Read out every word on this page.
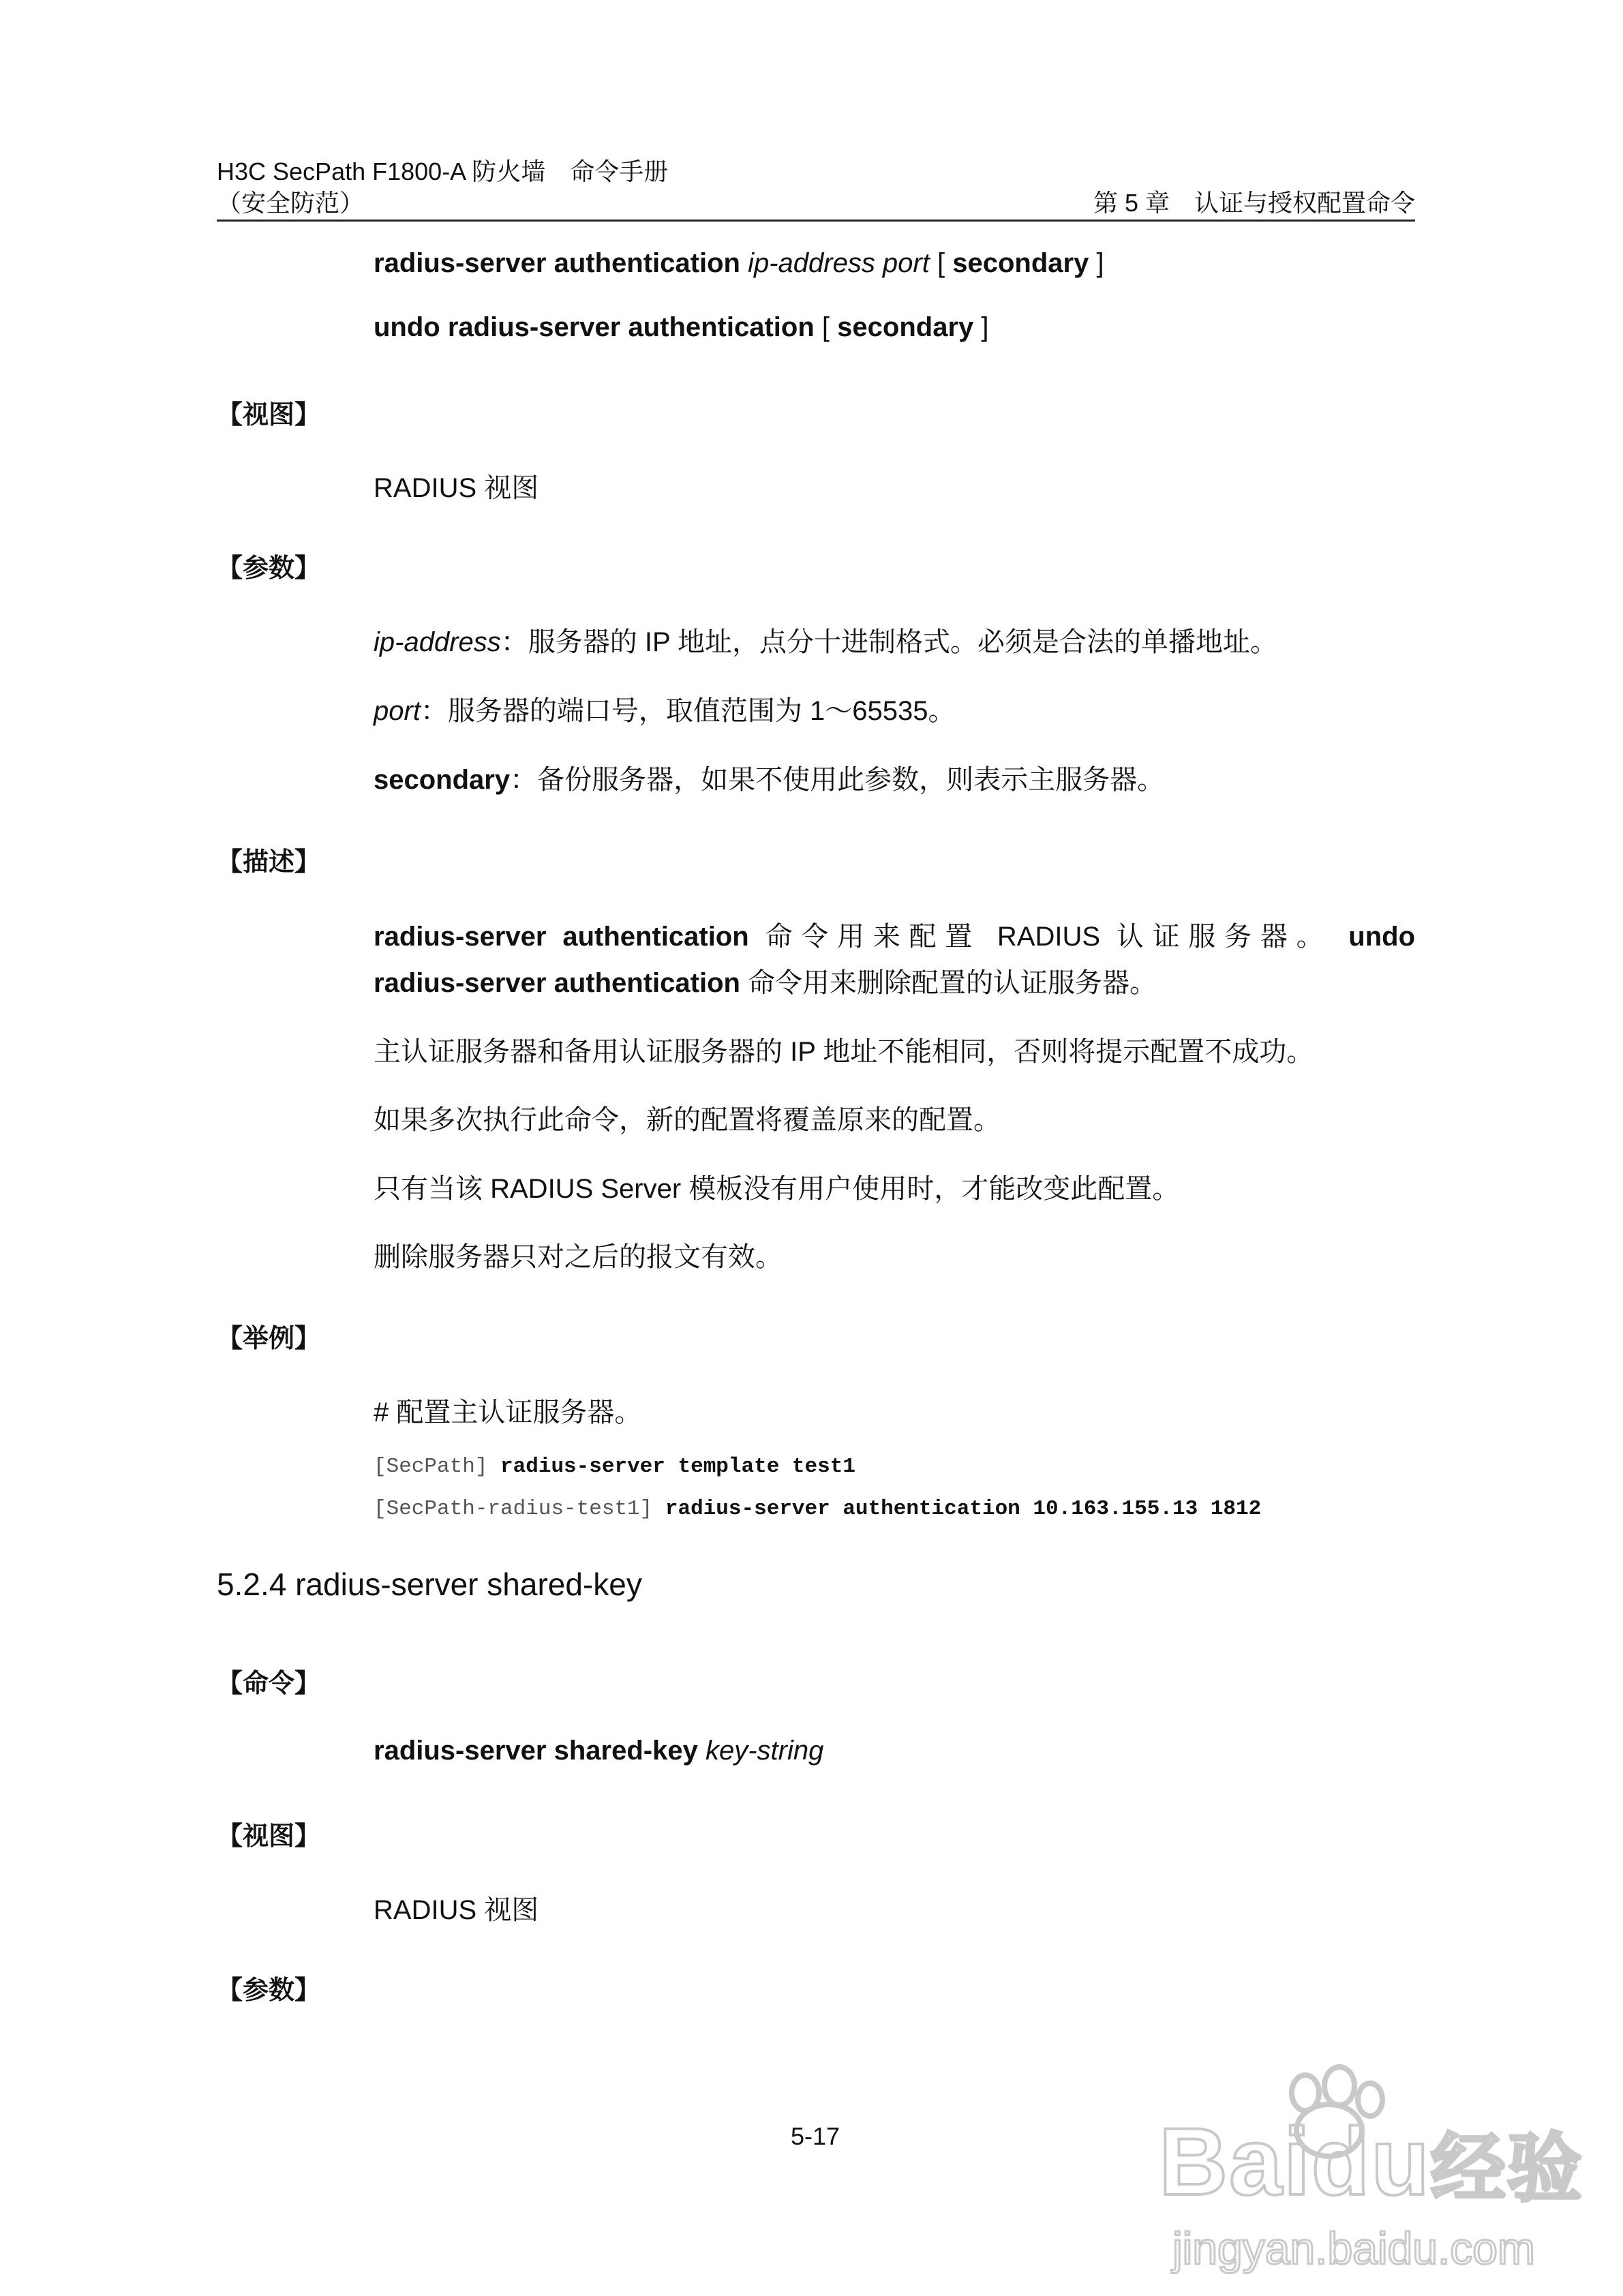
H3C SecPath F1800-A 防火墙　命令手册
（安全防范）	第 5 章　认证与授权配置命令
radius-server authentication ip-address port [ secondary ]
undo radius-server authentication [ secondary ]
【视图】
RADIUS 视图
【参数】
ip-address：服务器的 IP 地址，点分十进制格式。必须是合法的单播地址。
port：服务器的端口号，取值范围为 1～65535。
secondary：备份服务器，如果不使用此参数，则表示主服务器。
【描述】
radius-server authentication 命令用来配置 RADIUS 认证服务器。 undo
radius-server authentication 命令用来删除配置的认证服务器。
主认证服务器和备用认证服务器的 IP 地址不能相同，否则将提示配置不成功。
如果多次执行此命令，新的配置将覆盖原来的配置。
只有当该 RADIUS Server 模板没有用户使用时，才能改变此配置。
删除服务器只对之后的报文有效。
【举例】
# 配置主认证服务器。
[SecPath] radius-server template test1
[SecPath-radius-test1] radius-server authentication 10.163.155.13 1812
5.2.4 radius-server shared-key
【命令】
radius-server shared-key key-string
【视图】
RADIUS 视图
【参数】
5-17	Baidu经验
jingyan.baidu.com
